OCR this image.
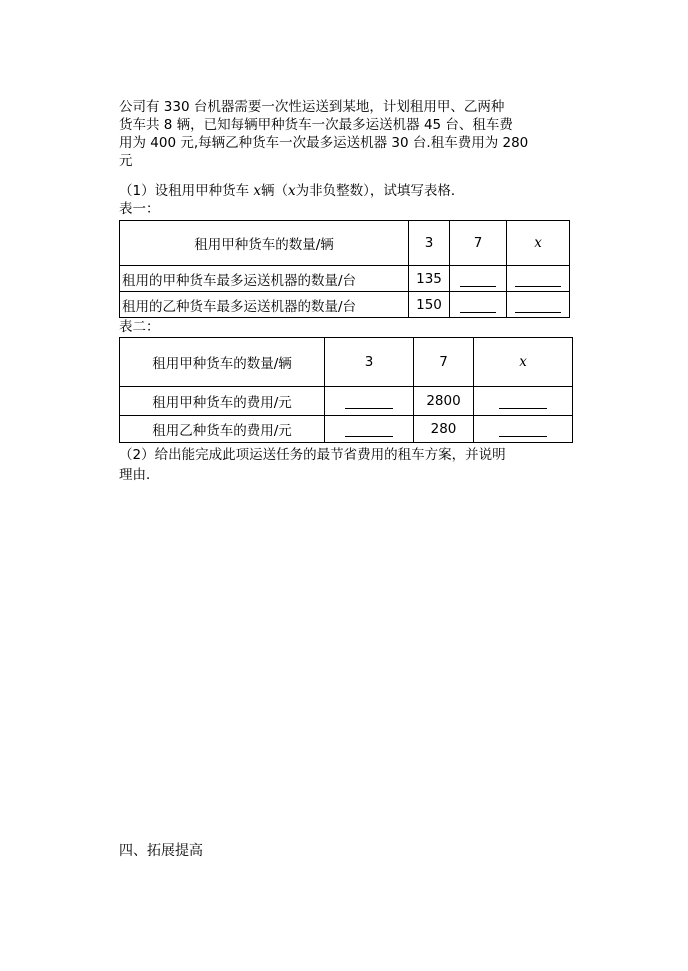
公司有 330 台机器需要一次性运送到某地，计划租用甲、乙两种
货车共 8 辆，已知每辆甲种货车一次最多运送机器 45 台、租车费
用为 400 元,每辆乙种货车一次最多运送机器 30 台.租车费用为 280
元
（1）设租用甲种货车 x辆（x为非负整数），试填写表格．
表一：
租用甲种货车的数量/辆	3	7	x
租用的甲种货车最多运送机器的数量/台	135		
租用的乙种货车最多运送机器的数量/台	150		
表二：
租用甲种货车的数量/辆	3	7	x
租用甲种货车的费用/元		2800	
租用乙种货车的费用/元		280	
（2）给出能完成此项运送任务的最节省费用的租车方案，并说明
理由．
四、拓展提高
